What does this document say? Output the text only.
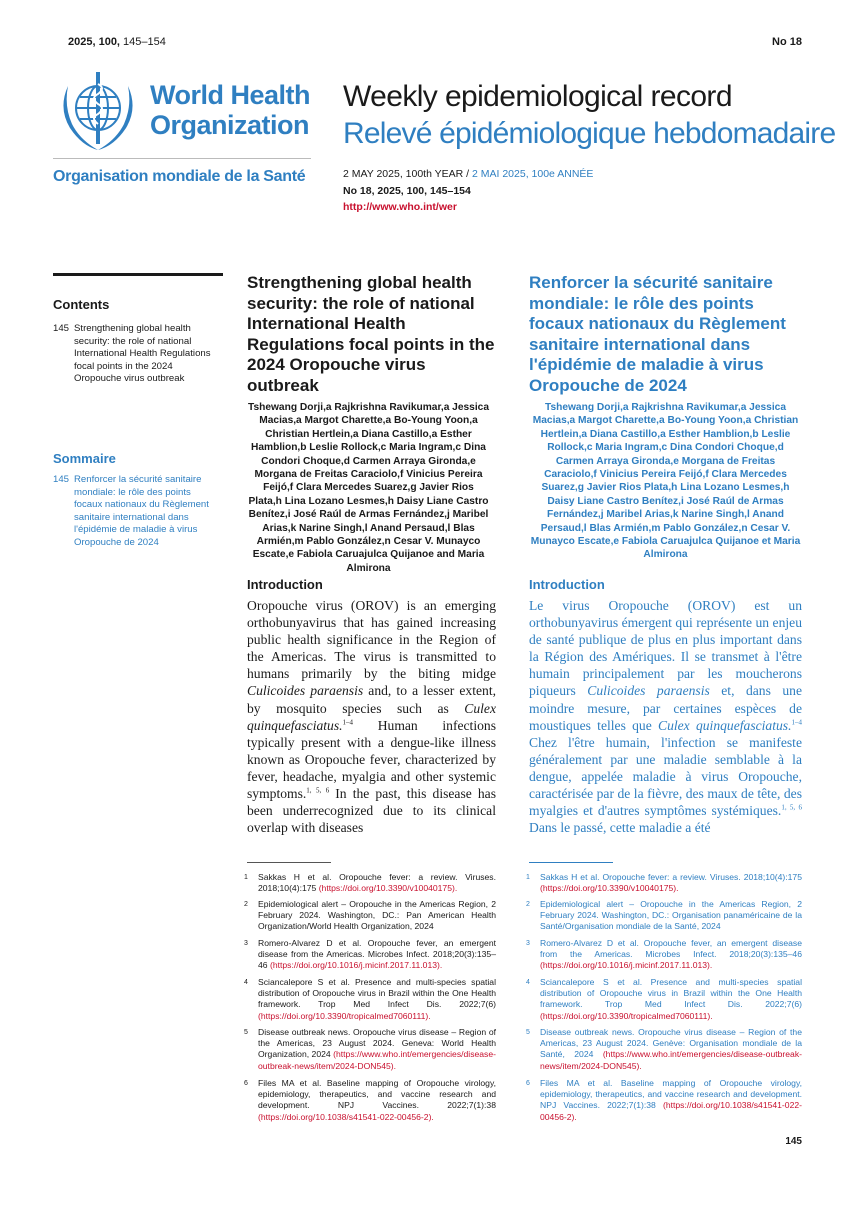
2025, 100, 145–154	No 18
World Health
Organization
Organisation mondiale de la Santé
Weekly epidemiological record
Relevé épidémiologique hebdomadaire
2 MAY 2025, 100th YEAR / 2 MAI 2025, 100e ANNÉE
No 18, 2025, 100, 145–154
http://www.who.int/wer
Contents
145 Strengthening global health security: the role of national International Health Regulations focal points in the 2024 Oropouche virus outbreak
Sommaire
145 Renforcer la sécurité sanitaire mondiale: le rôle des points focaux nationaux du Règlement sanitaire international dans l'épidémie de maladie à virus Oropouche de 2024
Strengthening global health security: the role of national International Health Regulations focal points in the 2024 Oropouche virus outbreak
Tshewang Dorji,a Rajkrishna Ravikumar,a Jessica Macias,a Margot Charette,a Bo-Young Yoon,a Christian Hertlein,a Diana Castillo,a Esther Hamblion,b Leslie Rollock,c Maria Ingram,c Dina Condori Choque,d Carmen Arraya Gironda,e Morgana de Freitas Caraciolo,f Vinicius Pereira Feijó,f Clara Mercedes Suarez,g Javier Rios Plata,h Lina Lozano Lesmes,h Daisy Liane Castro Benítez,i José Raúl de Armas Fernández,j Maribel Arias,k Narine Singh,l Anand Persaud,l Blas Armién,m Pablo González,n Cesar V. Munayco Escate,e Fabiola Caruajulca Quijanoe and Maria Almirona
Renforcer la sécurité sanitaire mondiale: le rôle des points focaux nationaux du Règlement sanitaire international dans l'épidémie de maladie à virus Oropouche de 2024
Tshewang Dorji,a Rajkrishna Ravikumar,a Jessica Macias,a Margot Charette,a Bo-Young Yoon,a Christian Hertlein,a Diana Castillo,a Esther Hamblion,b Leslie Rollock,c Maria Ingram,c Dina Condori Choque,d Carmen Arraya Gironda,e Morgana de Freitas Caraciolo,f Vinicius Pereira Feijó,f Clara Mercedes Suarez,g Javier Rios Plata,h Lina Lozano Lesmes,h Daisy Liane Castro Benítez,i José Raúl de Armas Fernández,j Maribel Arias,k Narine Singh,l Anand Persaud,l Blas Armién,m Pablo González,n Cesar V. Munayco Escate,e Fabiola Caruajulca Quijanoe et Maria Almirona
Introduction
Oropouche virus (OROV) is an emerging orthobunyavirus that has gained increasing public health significance in the Region of the Americas. The virus is transmitted to humans primarily by the biting midge Culicoides paraensis and, to a lesser extent, by mosquito species such as Culex quinquefasciatus.$^{1-4}$ Human infections typically present with a dengue-like illness known as Oropouche fever, characterized by fever, headache, myalgia and other systemic symptoms.$^{1, 5, 6}$ In the past, this disease has been underrecognized due to its clinical overlap with diseases
Introduction
Le virus Oropouche (OROV) est un orthobunyavirus émergent qui représente un enjeu de santé publique de plus en plus important dans la Région des Amériques. Il se transmet à l'être humain principalement par les moucherons piqueurs Culicoides paraensis et, dans une moindre mesure, par certaines espèces de moustiques telles que Culex quinquefasciatus.$^{1-4}$ Chez l'être humain, l'infection se manifeste généralement par une maladie semblable à la dengue, appelée maladie à virus Oropouche, caractérisée par de la fièvre, des maux de tête, des myalgies et d'autres symptômes systémiques.$^{1, 5, 6}$ Dans le passé, cette maladie a été
1 Sakkas H et al. Oropouche fever: a review. Viruses. 2018;10(4):175 (https://doi.org/10.3390/v10040175).
2 Epidemiological alert – Oropouche in the Americas Region, 2 February 2024. Washington, DC.: Pan American Health Organization/World Health Organization, 2024
3 Romero-Alvarez D et al. Oropouche fever, an emergent disease from the Americas. Microbes Infect. 2018;20(3):135–46 (https://doi.org/10.1016/j.micinf.2017.11.013).
4 Sciancalepore S et al. Presence and multi-species spatial distribution of Oropouche virus in Brazil within the One Health framework. Trop Med Infect Dis. 2022;7(6) (https://doi.org/10.3390/tropicalmed7060111).
5 Disease outbreak news. Oropouche virus disease – Region of the Americas, 23 August 2024. Geneva: World Health Organization, 2024 (https://www.who.int/emergencies/disease-outbreak-news/item/2024-DON545).
6 Files MA et al. Baseline mapping of Oropouche virology, epidemiology, therapeutics, and vaccine research and development. NPJ Vaccines. 2022;7(1):38 (https://doi.org/10.1038/s41541-022-00456-2).
1 Sakkas H et al. Oropouche fever: a review. Viruses. 2018;10(4):175 (https://doi.org/10.3390/v10040175).
2 Epidemiological alert – Oropouche in the Americas Region, 2 February 2024. Washington, DC.: Organisation panaméricaine de la Santé/Organisation mondiale de la Santé, 2024
3 Romero-Alvarez D et al. Oropouche fever, an emergent disease from the Americas. Microbes Infect. 2018;20(3):135–46 (https://doi.org/10.1016/j.micinf.2017.11.013).
4 Sciancalepore S et al. Presence and multi-species spatial distribution of Oropouche virus in Brazil within the One Health framework. Trop Med Infect Dis. 2022;7(6) (https://doi.org/10.3390/tropicalmed7060111).
5 Disease outbreak news. Oropouche virus disease – Region of the Americas, 23 August 2024. Genève: Organisation mondiale de la Santé, 2024 (https://www.who.int/emergencies/disease-outbreak-news/item/2024-DON545).
6 Files MA et al. Baseline mapping of Oropouche virology, epidemiology, therapeutics, and vaccine research and development. NPJ Vaccines. 2022;7(1):38 (https://doi.org/10.1038/s41541-022-00456-2).
145
